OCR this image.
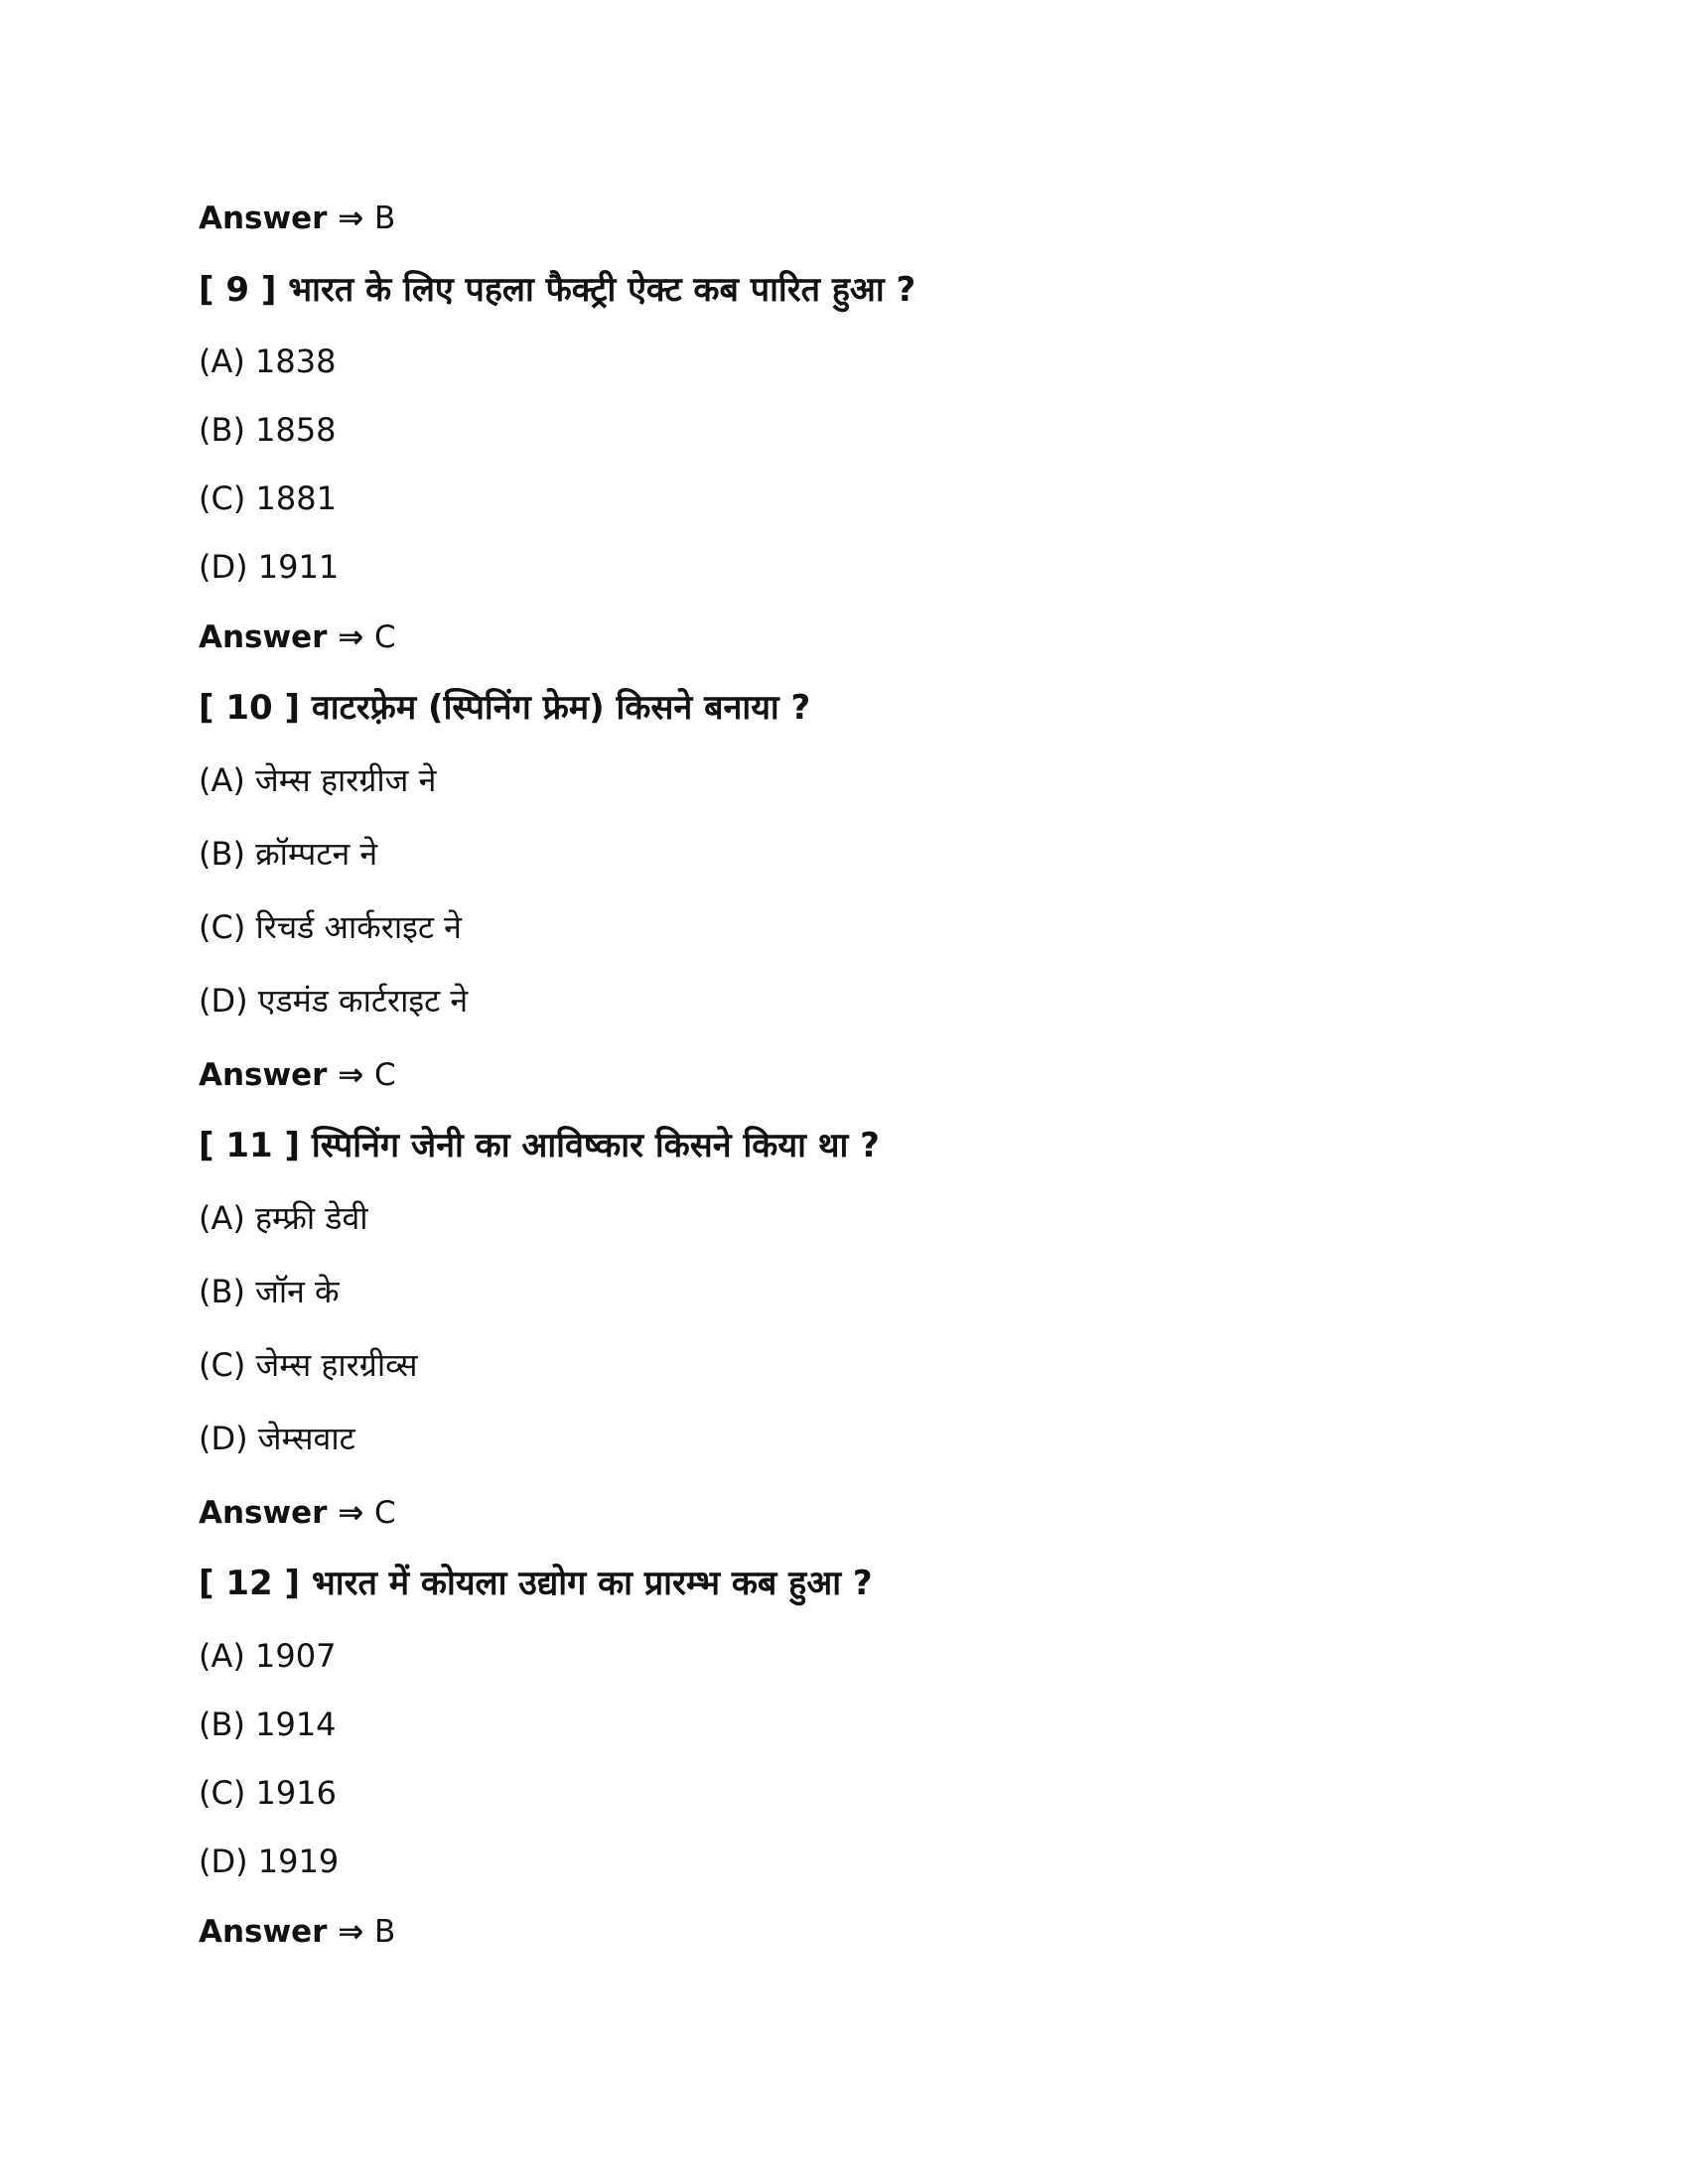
Answer ⇒ B
[ 9 ] भारत के लिए पहला फैक्ट्री ऐक्ट कब पारित हुआ ?
(A) 1838
(B) 1858
(C) 1881
(D) 1911
Answer ⇒ C
[ 10 ] वाटरफ़्रेम (स्पिनिंग फ्रेम) किसने बनाया ?
(A) जेम्स हारग्रीज ने
(B) क्रॉम्पटन ने
(C) रिचर्ड आर्कराइट ने
(D) एडमंड कार्टराइट ने
Answer ⇒ C
[ 11 ] स्पिनिंग जेनी का आविष्कार किसने किया था ?
(A) हम्फ्री डेवी
(B) जॉन के
(C) जेम्स हारग्रीव्स
(D) जेम्सवाट
Answer ⇒ C
[ 12 ] भारत में कोयला उद्योग का प्रारम्भ कब हुआ ?
(A) 1907
(B) 1914
(C) 1916
(D) 1919
Answer ⇒ B
